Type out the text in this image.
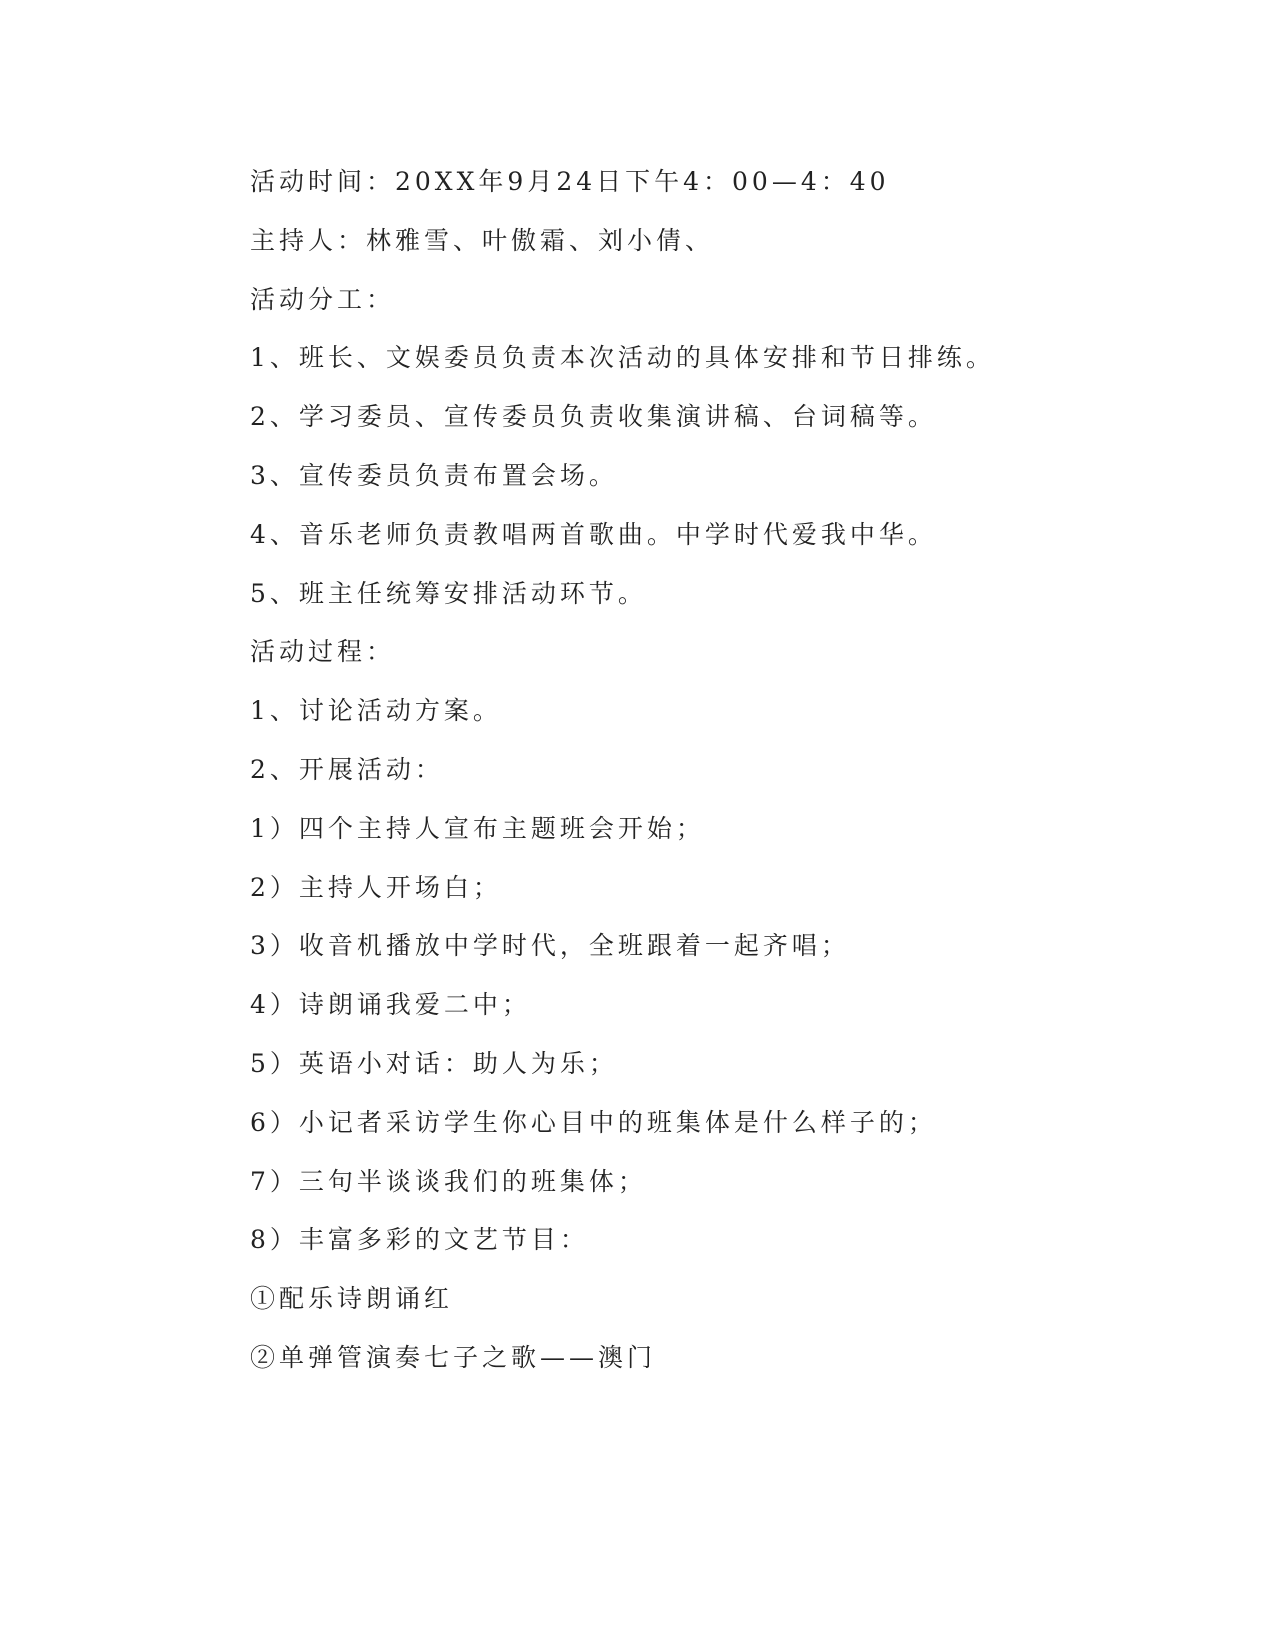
活动时间：20XX年9月24日下午4：00—4：40

主持人：林雅雪、叶傲霜、刘小倩、

活动分工：

1、班长、文娱委员负责本次活动的具体安排和节日排练。

2、学习委员、宣传委员负责收集演讲稿、台词稿等。

3、宣传委员负责布置会场。

4、音乐老师负责教唱两首歌曲。中学时代爱我中华。

5、班主任统筹安排活动环节。

活动过程：

1、讨论活动方案。

2、开展活动：

1）四个主持人宣布主题班会开始；

2）主持人开场白；

3）收音机播放中学时代，全班跟着一起齐唱；

4）诗朗诵我爱二中；

5）英语小对话：助人为乐；

6）小记者采访学生你心目中的班集体是什么样子的；

7）三句半谈谈我们的班集体；

8）丰富多彩的文艺节目：

①配乐诗朗诵红

②单弹管演奏七子之歌——澳门
